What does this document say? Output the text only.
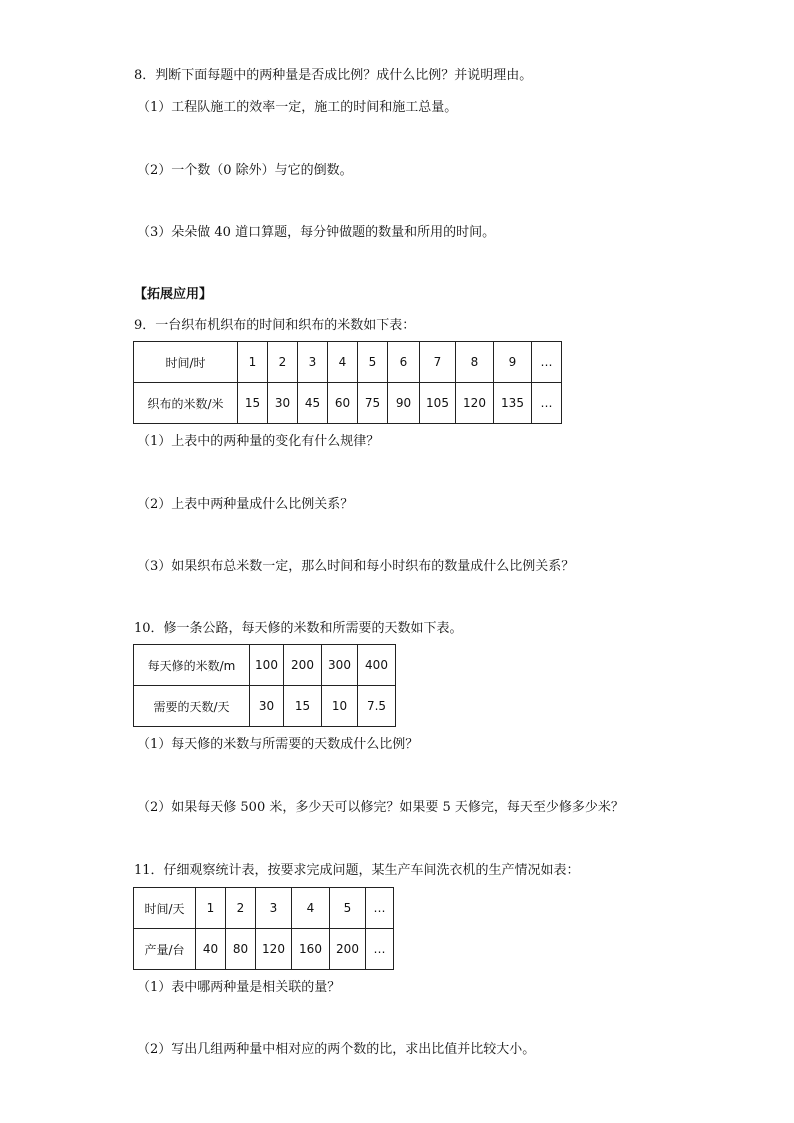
8．判断下面每题中的两种量是否成比例？成什么比例？并说明理由。
（1）工程队施工的效率一定，施工的时间和施工总量。
（2）一个数（0 除外）与它的倒数。
（3）朵朵做 40 道口算题，每分钟做题的数量和所用的时间。
【拓展应用】
9．一台织布机织布的时间和织布的米数如下表：
时间/时	1	2	3	4	5	6	7	8	9	…
织布的米数/米	15	30	45	60	75	90	105	120	135	…
（1）上表中的两种量的变化有什么规律？
（2）上表中两种量成什么比例关系？
（3）如果织布总米数一定，那么时间和每小时织布的数量成什么比例关系？
10．修一条公路，每天修的米数和所需要的天数如下表。
每天修的米数/m	100	200	300	400
需要的天数/天	30	15	10	7.5
（1）每天修的米数与所需要的天数成什么比例？
（2）如果每天修 500 米，多少天可以修完？如果要 5 天修完，每天至少修多少米？
11．仔细观察统计表，按要求完成问题，某生产车间洗衣机的生产情况如表：
时间/天	1	2	3	4	5	…
产量/台	40	80	120	160	200	…
（1）表中哪两种量是相关联的量？
（2）写出几组两种量中相对应的两个数的比，求出比值并比较大小。
